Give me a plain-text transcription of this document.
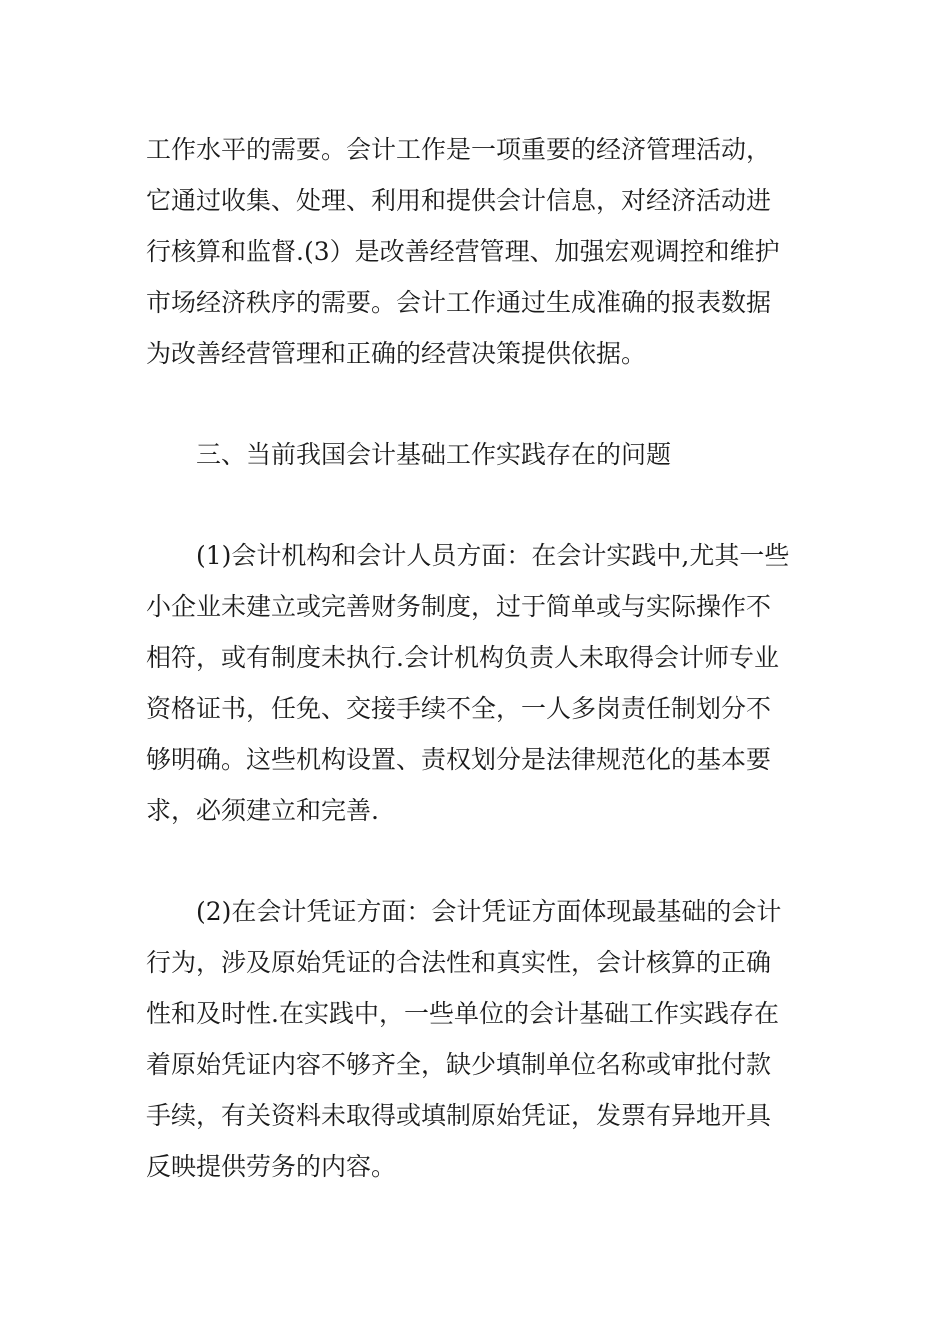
工作水平的需要。会计工作是一项重要的经济管理活动，
它通过收集、处理、利用和提供会计信息，对经济活动进
行核算和监督.(3）是改善经营管理、加强宏观调控和维护
市场经济秩序的需要。会计工作通过生成准确的报表数据
为改善经营管理和正确的经营决策提供依据。
三、当前我国会计基础工作实践存在的问题
(1)会计机构和会计人员方面：在会计实践中,尤其一些
小企业未建立或完善财务制度，过于简单或与实际操作不
相符，或有制度未执行.会计机构负责人未取得会计师专业
资格证书，任免、交接手续不全，一人多岗责任制划分不
够明确。这些机构设置、责权划分是法律规范化的基本要
求，必须建立和完善.
(2)在会计凭证方面：会计凭证方面体现最基础的会计
行为，涉及原始凭证的合法性和真实性，会计核算的正确
性和及时性.在实践中，一些单位的会计基础工作实践存在
着原始凭证内容不够齐全，缺少填制单位名称或审批付款
手续，有关资料未取得或填制原始凭证，发票有异地开具
反映提供劳务的内容。
